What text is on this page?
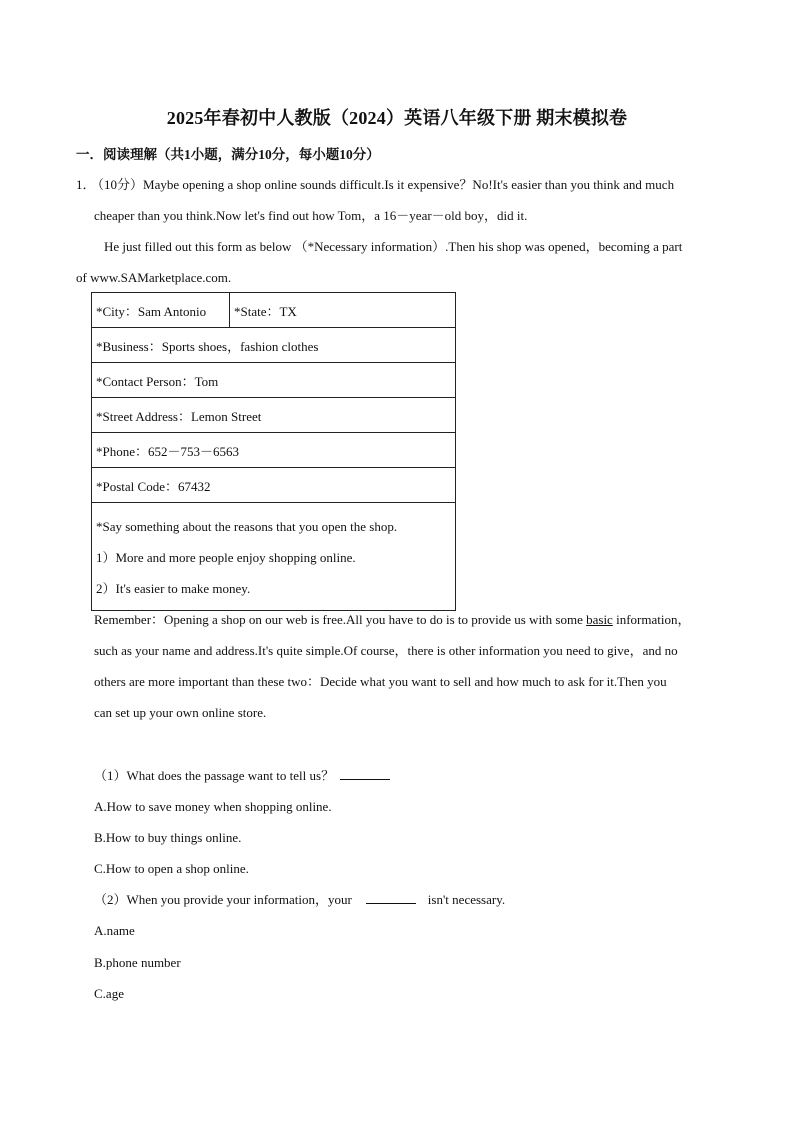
2025年春初中人教版（2024）英语八年级下册 期末模拟卷
一．阅读理解（共1小题，满分10分，每小题10分）
1． （10分）Maybe opening a shop online sounds difficult.Is it expensive？No!It's easier than you think and much
cheaper than you think.Now let's find out how Tom，a 16－year－old boy，did it.
He just filled out this form as below （*Necessary information）.Then his shop was opened，becoming a part
of www.SAMarketplace.com.
*City：Sam Antonio	*State：TX
*Business：Sports shoes，fashion clothes
*Contact Person：Tom
*Street Address：Lemon Street
*Phone：652－753－6563
*Postal Code：67432

*Say something about the reasons that you open the shop.
1）More and more people enjoy shopping online.
2）It's easier to make money.
Remember：Opening a shop on our web is free.All you have to do is to provide us with some basic information，
such as your name and address.It's quite simple.Of course，there is other information you need to give，and no
others are more important than these two：Decide what you want to sell and how much to ask for it.Then you
can set up your own online store.
（1）What does the passage want to tell us？
A.How to save money when shopping online.
B.How to buy things online.
C.How to open a shop online.
（2）When you provide your information，your	isn't necessary.
A.name
B.phone number
C.age
